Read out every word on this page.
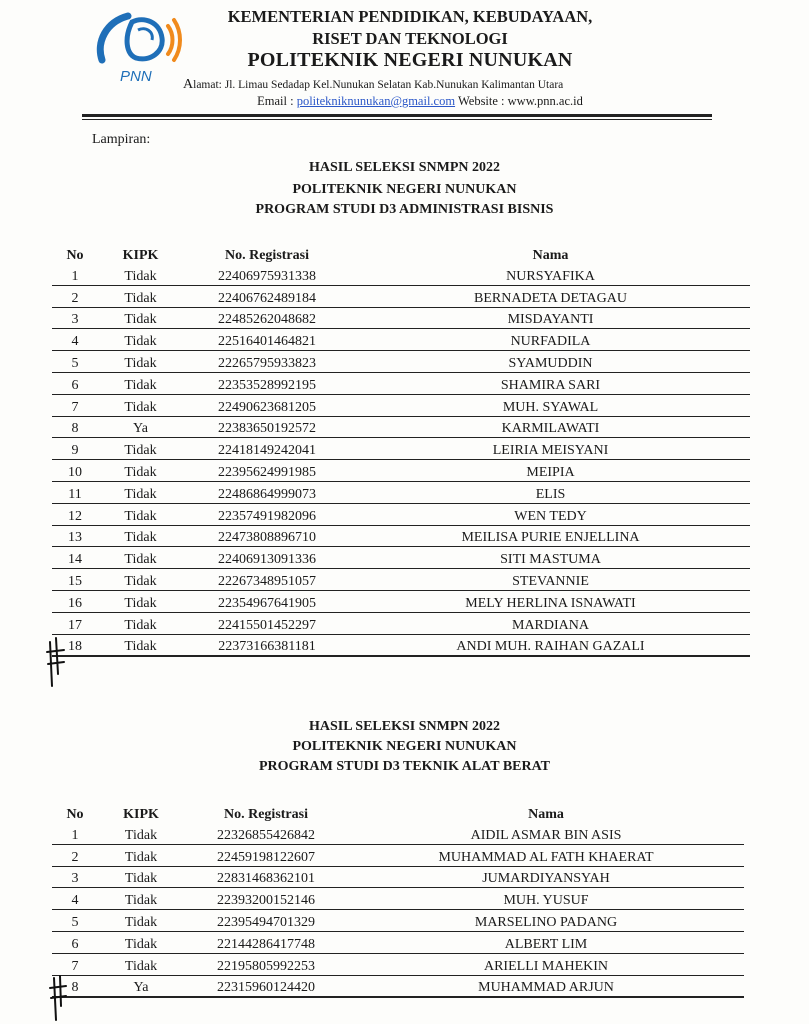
PNN
KEMENTERIAN PENDIDIKAN, KEBUDAYAAN,
RISET DAN TEKNOLOGI
POLITEKNIK NEGERI NUNUKAN
Alamat: Jl. Limau Sedadap Kel.Nunukan Selatan Kab.Nunukan Kalimantan Utara
Email : politekniknunukan@gmail.com Website : www.pnn.ac.id
Lampiran:
HASIL SELEKSI SNMPN 2022
POLITEKNIK NEGERI NUNUKAN
PROGRAM STUDI D3 ADMINISTRASI BISNIS
No	KIPK	No. Registrasi	Nama
1	Tidak	22406975931338	NURSYAFIKA
2	Tidak	22406762489184	BERNADETA DETAGAU
3	Tidak	22485262048682	MISDAYANTI
4	Tidak	22516401464821	NURFADILA
5	Tidak	22265795933823	SYAMUDDIN
6	Tidak	22353528992195	SHAMIRA SARI
7	Tidak	22490623681205	MUH. SYAWAL
8	Ya	22383650192572	KARMILAWATI
9	Tidak	22418149242041	LEIRIA MEISYANI
10	Tidak	22395624991985	MEIPIA
11	Tidak	22486864999073	ELIS
12	Tidak	22357491982096	WEN TEDY
13	Tidak	22473808896710	MEILISA PURIE ENJELLINA
14	Tidak	22406913091336	SITI MASTUMA
15	Tidak	22267348951057	STEVANNIE
16	Tidak	22354967641905	MELY HERLINA ISNAWATI
17	Tidak	22415501452297	MARDIANA
18	Tidak	22373166381181	ANDI MUH. RAIHAN GAZALI
HASIL SELEKSI SNMPN 2022
POLITEKNIK NEGERI NUNUKAN
PROGRAM STUDI D3 TEKNIK ALAT BERAT
No	KIPK	No. Registrasi	Nama
1	Tidak	22326855426842	AIDIL ASMAR BIN ASIS
2	Tidak	22459198122607	MUHAMMAD AL FATH KHAERAT
3	Tidak	22831468362101	JUMARDIYANSYAH
4	Tidak	22393200152146	MUH. YUSUF
5	Tidak	22395494701329	MARSELINO PADANG
6	Tidak	22144286417748	ALBERT LIM
7	Tidak	22195805992253	ARIELLI MAHEKIN
8	Ya	22315960124420	MUHAMMAD ARJUN
